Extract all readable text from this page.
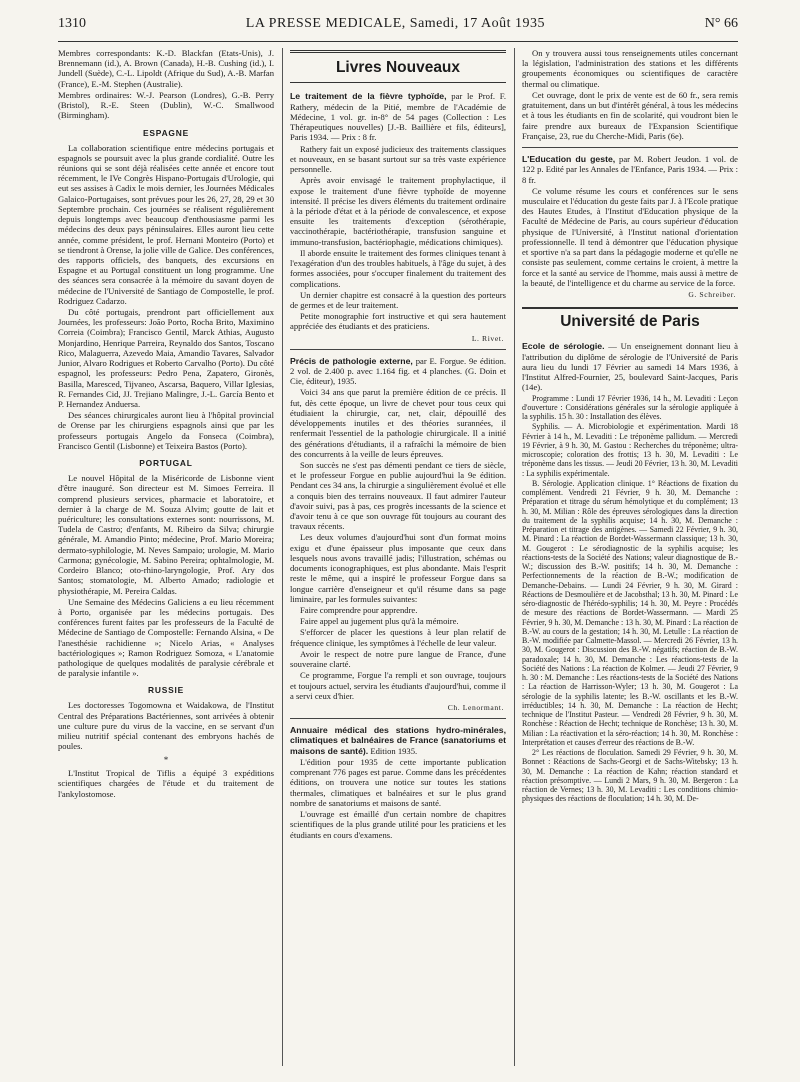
1310	LA PRESSE MEDICALE, Samedi, 17 Août 1935	N° 66

Membres correspondants: K.-D. Blackfan (Etats-Unis), J. Brennemann (id.), A. Brown (Canada), H.-B. Cushing (id.), I. Jundell (Suède), C.-L. Lipoldt (Afrique du Sud), A.-B. Marfan (France), E.-M. Stephen (Australie).

Membres ordinaires: W.-J. Pearson (Londres), G.-B. Perry (Bristol), R.-E. Steen (Dublin), W.-C. Smallwood (Birmingham).

ESPAGNE

La collaboration scientifique entre médecins portugais et espagnols se poursuit avec la plus grande cordialité. Outre les réunions qui se sont déjà réalisées cette année et encore tout récemment, le IVe Congrès Hispano-Portugais d'Urologie, qui eut ses assises à Cadix le mois dernier, les Journées Médicales Galaico-Portugaises, sont prévues pour les 26, 27, 28, 29 et 30 Septembre prochain. Ces journées se réalisent régulièrement depuis longtemps avec beaucoup d'enthousiasme parmi les médecins des deux pays péninsulaires. Elles auront lieu cette année, comme président, le prof. Hernani Monteiro (Porto) et se tiendront à Orense, la jolie ville de Galice. Des conférences, des rapports officiels, des banquets, des excursions en Espagne et au Portugal constituent un long programme. Une des séances sera consacrée à la mémoire du savant doyen de médecine de l'Université de Santiago de Compostelle, le prof. Rodriguez Cadarzo.

Du côté portugais, prendront part officiellement aux Journées, les professeurs: João Porto, Rocha Brito, Maximino Correia (Coimbra); Francisco Gentil, Marck Athias, Augusto Monjardino, Henrique Parreira, Reynaldo dos Santos, Toscano Rico, Malaguerra, Azevedo Maia, Amandio Tavares, Salvador Junior, Alvaro Rodrigues et Roberto Carvalho (Porto). Du côté espagnol, les professeurs: Pedro Pena, Zapatero, Gironès, Basilla, Maresced, Tijvaneo, Ascarsa, Baquero, Villar Iglesias, R. Fernandes Cid, JJ. Trejiano Malingre, J.-L. García Bento et P. Hernandez Anduersa.

Des séances chirurgicales auront lieu à l'hôpital provincial de Orense par les chirurgiens espagnols ainsi que par les professeurs portugais Angelo da Fonseca (Coimbra), Francisco Gentil (Lisbonne) et Teixeira Bastos (Porto).

PORTUGAL

Le nouvel Hôpital de la Miséricorde de Lisbonne vient d'être inauguré. Son directeur est M. Simoes Ferreira. Il comprend plusieurs services, pharmacie et laboratoire, et dernier à la charge de M. Souza Alvim; goutte de lait et puériculture; les consultations externes sont: nourrissons, M. Tudela de Castro; d'enfants, M. Ribeiro da Silva; chirurgie générale, M. Amandio Pinto; médecine, Prof. Mario Moreira; dermato-syphilologie, M. Neves Sampaio; urologie, M. Mario Carmona; gynécologie, M. Sabino Pereira; ophtalmologie, M. Cordeiro Blanco; oto-rhino-laryngologie, Prof. Ary dos Santos; stomatologie, M. Alberto Amado; radiologie et physiothérapie, M. Pereira Caldas.

Une Semaine des Médecins Galiciens a eu lieu récemment à Porto, organisée par les médecins portugais. Des conférences furent faites par les professeurs de la Faculté de Médecine de Santiago de Compostelle: Fernando Alsina, « De l'anesthésie rachidienne »; Nicelo Arias, « Analyses bactériologiques »; Ramon Rodriguez Somoza, « L'anatomie pathologique de quelques modalités de paralysie cérébrale et de paralysie infantile ».

RUSSIE

Les doctoresses Togomowna et Waidakowa, de l'Institut Central des Préparations Bactériennes, sont arrivées à obtenir une culture pure du virus de la vaccine, en se servant d'un milieu nutritif spécial contenant des embryons hachés de poules.

*

L'Institut Tropical de Tiflis a équipé 3 expéditions scientifiques chargées de l'étude et du traitement de l'ankylostomose.

Livres Nouveaux

Le traitement de la fièvre typhoïde, par le Prof. F. Rathery, médecin de la Pitié, membre de l'Académie de Médecine, 1 vol. gr. in-8° de 54 pages (Collection : Les Thérapeutiques nouvelles) [J.-B. Baillière et fils, éditeurs], Paris 1934. — Prix : 8 fr.

Rathery fait un exposé judicieux des traitements classiques et nouveaux, en se basant surtout sur sa très vaste expérience personnelle.

Après avoir envisagé le traitement prophylactique, il expose le traitement d'une fièvre typhoïde de moyenne intensité. Il précise les divers éléments du traitement ordinaire à la période d'état et à la période de convalescence, et expose ensuite les traitements d'exception (sérothérapie, vaccinothérapie, bactériothérapie, transfusion sanguine et immuno-transfusion, bactériophagie, médications chimiques).

Il aborde ensuite le traitement des formes cliniques tenant à l'exagération d'un des troubles habituels, à l'âge du sujet, à des formes associées, pour s'occuper finalement du traitement des complications.

Un dernier chapitre est consacré à la question des porteurs de germes et de leur traitement.

Petite monographie fort instructive et qui sera hautement appréciée des étudiants et des praticiens.

L. Rivet.

Précis de pathologie externe, par E. Forgue. 9e édition. 2 vol. de 2.400 p. avec 1.164 fig. et 4 planches. (G. Doin et Cie, éditeur), 1935.

Voici 34 ans que parut la première édition de ce précis. Il fut, dès cette époque, un livre de chevet pour tous ceux qui étudiaient la chirurgie, car, net, clair, dépouillé des développements inutiles et des théories surannées, il renfermait l'essentiel de la pathologie chirurgicale. Il a initié des générations d'étudiants, il a rafraîchi la mémoire de bien des concurrents à la veille de leurs épreuves.

Son succès ne s'est pas démenti pendant ce tiers de siècle, et le professeur Forgue en publie aujourd'hui la 9e édition. Pendant ces 34 ans, la chirurgie a singulièrement évolué et elle a conquis bien des terrains nouveaux. Il faut admirer l'auteur d'avoir suivi, pas à pas, ces progrès incessants de la science et d'avoir tenu à ce que son ouvrage fût toujours au courant des travaux récents.

Les deux volumes d'aujourd'hui sont d'un format moins exigu et d'une épaisseur plus imposante que ceux dans lesquels nous avons travaillé jadis; l'illustration, schémas ou documents iconographiques, est plus abondante. Mais l'esprit reste le même, qui a inspiré le professeur Forgue dans sa longue carrière d'enseigneur et qu'il résume dans sa page liminaire, par les formules suivantes:

Faire comprendre pour apprendre.

Faire appel au jugement plus qu'à la mémoire.

S'efforcer de placer les questions à leur plan relatif de fréquence clinique, les symptômes à l'échelle de leur valeur.

Avoir le respect de notre pure langue de France, d'une souveraine clarté.

Ce programme, Forgue l'a rempli et son ouvrage, toujours et toujours actuel, servira les étudiants d'aujourd'hui, comme il a servi ceux d'hier.

Ch. Lenormant.

Annuaire médical des stations hydro-minérales, climatiques et balnéaires de France (sanatoriums et maisons de santé). Edition 1935.

L'édition pour 1935 de cette importante publication comprenant 776 pages est parue. Comme dans les précédentes éditions, on trouvera une notice sur toutes les stations thermales, climatiques et balnéaires et sur le plus grand nombre de sanatoriums et maisons de santé.

L'ouvrage est émaillé d'un certain nombre de chapitres scientifiques de la plus grande utilité pour les praticiens et les étudiants en cours d'examens.

On y trouvera aussi tous renseignements utiles concernant la législation, l'administration des stations et les différents groupements économiques ou scientifiques de caractère thermal ou climatique.

Cet ouvrage, dont le prix de vente est de 60 fr., sera remis gratuitement, dans un but d'intérêt général, à tous les médecins et à tous les étudiants en fin de scolarité, qui voudront bien le faire prendre aux bureaux de l'Expansion Scientifique Française, 23, rue du Cherche-Midi, Paris (6e).

L'Education du geste, par M. Robert Jeudon. 1 vol. de 122 p. Edité par les Annales de l'Enfance, Paris 1934. — Prix : 8 fr.

Ce volume résume les cours et conférences sur le sens musculaire et l'éducation du geste faits par J. à l'Ecole pratique des Hautes Etudes, à l'Institut d'Education physique de la Faculté de Médecine de Paris, au cours supérieur d'éducation physique de l'Université, à l'Institut national d'orientation professionnelle. Il tend à démontrer que l'éducation physique et sportive n'a sa part dans la pédagogie moderne et qu'elle ne consiste pas seulement, comme certains le croient, à mettre la force et la santé au service de l'homme, mais aussi à mettre de la beauté, de l'intelligence et du charme au service de la force.

G. Schreiber.

Université de Paris

Ecole de sérologie. — Un enseignement donnant lieu à l'attribution du diplôme de sérologie de l'Université de Paris aura lieu du lundi 17 Février au samedi 14 Mars 1936, à l'Institut Alfred-Fournier, 25, boulevard Saint-Jacques, Paris (14e).

Programme : Lundi 17 Février 1936, 14 h., M. Levaditi : Leçon d'ouverture : Considérations générales sur la sérologie appliquée à la syphilis. 15 h. 30 : Installation des élèves.

Syphilis. — A. Microbiologie et expérimentation. Mardi 18 Février à 14 h., M. Levaditi : Le tréponème pallidum. — Mercredi 19 Février, à 9 h. 30, M. Gastou : Recherches du tréponème; ultra-microscopie; coloration des frottis; 13 h. 30, M. Levaditi : Le tréponème dans les tissus. — Jeudi 20 Février, 13 h. 30, M. Levaditi : La syphilis expérimentale.

B. Sérologie. Application clinique. 1° Réactions de fixation du complément. Vendredi 21 Février, 9 h. 30, M. Demanche : Préparation et titrage du sérum hémolytique et du complément; 13 h. 30, M. Milian : Rôle des épreuves sérologiques dans la direction du traitement de la syphilis acquise; 14 h. 30, M. Demanche : Préparation et titrage des antigènes. — Samedi 22 Février, 9 h. 30, M. Pinard : La réaction de Bordet-Wassermann classique; 13 h. 30, M. Gougerot : Le sérodiagnostic de la syphilis acquise; les réactions-tests de la Société des Nations; valeur diagnostique de B.-W.; discussion des B.-W. positifs; 14 h. 30, M. Demanche : Perfectionnements de la réaction de B.-W.; modification de Demanche-Debains. — Lundi 24 Février, 9 h. 30, M. Girard : Réactions de Desmoulière et de Jacobsthal; 13 h. 30, M. Pinard : Le séro-diagnostic de l'hérédo-syphilis; 14 h. 30, M. Peyre : Procédés de mesure des réactions de Bordet-Wassermann. — Mardi 25 Février, 9 h. 30, M. Demanche : 13 h. 30, M. Pinard : La réaction de B.-W. au cours de la gestation; 14 h. 30, M. Letulle : La réaction de B.-W. modifiée par Calmette-Massol. — Mercredi 26 Février, 13 h. 30, M. Gougerot : Discussion des B.-W. négatifs; réaction de B.-W. paradoxale; 14 h. 30, M. Demanche : Les réactions-tests de la Société des Nations : La réaction de Kolmer. — Jeudi 27 Février, 9 h. 30 : M. Demanche : Les réactions-tests de la Société des Nations : La réaction de Harrisson-Wyler; 13 h. 30, M. Gougerot : La sérologie de la syphilis latente; les B.-W. oscillants et les B.-W. irréductibles; 14 h. 30, M. Demanche : La réaction de Hecht; technique de l'Institut Pasteur. — Vendredi 28 Février, 9 h. 30, M. Ronchèse : Réaction de Hecht; technique de Ronchèse; 13 h. 30, M. Milian : La réactivation et la séro-réaction; 14 h. 30, M. Ronchèse : Interprétation et causes d'erreur des réactions de B.-W.

2° Les réactions de floculation. Samedi 29 Février, 9 h. 30, M. Bonnet : Réactions de Sachs-Georgi et de Sachs-Witebsky; 13 h. 30, M. Demanche : La réaction de Kahn; réaction standard et réaction présomptive. — Lundi 2 Mars, 9 h. 30, M. Bergeron : La réaction de Vernes; 13 h. 30, M. Levaditi : Les conditions chimio-physiques des réactions de floculation; 14 h. 30, M. De-
